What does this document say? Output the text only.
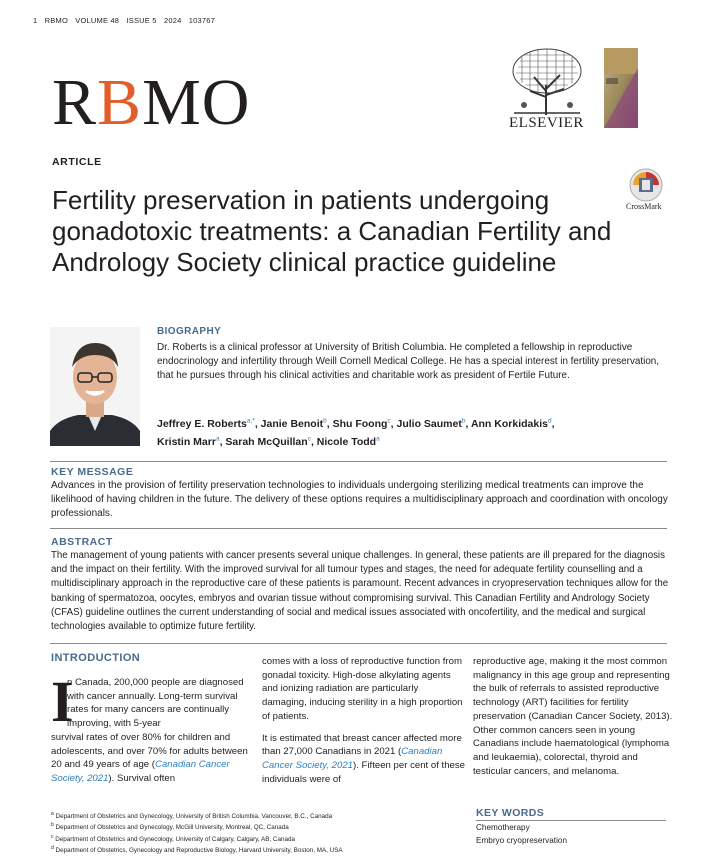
1 RBMO VOLUME 48 ISSUE 5 2024 103767
RBMO	ELSEVIER
ARTICLE
Fertility preservation in patients undergoing gonadotoxic treatments: a Canadian Fertility and Andrology Society clinical practice guideline
CrossMark
BIOGRAPHY
Dr. Roberts is a clinical professor at University of British Columbia. He completed a fellowship in reproductive endocrinology and infertility through Weill Cornell Medical College. He has a special interest in fertility preservation, that he pursues through his clinical activities and charitable work as president of Fertile Future.
Jeffrey E. Roberts$^{a,*}$, Janie Benoit$^b$, Shu Foong$^c$, Julio Saumet$^b$, Ann Korkidakis$^d$,
Kristin Marr$^a$, Sarah McQuillan$^c$, Nicole Todd$^a$
KEY MESSAGE
Advances in the provision of fertility preservation technologies to individuals undergoing sterilizing medical treatments can improve the likelihood of having children in the future. The delivery of these options requires a multidisciplinary approach and coordination with oncology professionals.
ABSTRACT
The management of young patients with cancer presents several unique challenges. In general, these patients are ill prepared for the diagnosis and the impact on their fertility. With the improved survival for all tumour types and stages, the need for adequate fertility counselling and a multidisciplinary approach in the reproductive care of these patients is paramount. Recent advances in cryopreservation techniques allow for the banking of spermatozoa, oocytes, embryos and ovarian tissue without compromising survival. This Canadian Fertility and Andrology Society (CFAS) guideline outlines the current understanding of social and medical issues associated with oncofertility, and the medical and surgical technologies available to optimize future fertility.
INTRODUCTION
I
n Canada, 200,000 people are diagnosed with cancer annually. Long-term survival rates for many cancers are continually improving, with 5-year
survival rates of over 80% for children and adolescents, and over 70% for adults between 20 and 49 years of age (Canadian Cancer Society, 2021). Survival often
comes with a loss of reproductive function from gonadal toxicity. High-dose alkylating agents and ionizing radiation are particularly damaging, inducing sterility in a high proportion of patients.
It is estimated that breast cancer affected more than 27,000 Canadians in 2021 (Canadian Cancer Society, 2021). Fifteen per cent of these individuals were of
reproductive age, making it the most common malignancy in this age group and representing the bulk of referrals to assisted reproductive technology (ART) facilities for fertility preservation (Canadian Cancer Society, 2013). Other common cancers seen in young Canadians include haematological (lymphoma and leukaemia), colorectal, thyroid and testicular cancers, and melanoma.
$^a$ Department of Obstetrics and Gynecology, University of British Columbia, Vancouver, B.C., Canada
$^b$ Department of Obstetrics and Gynecology, McGill University, Montreal, QC, Canada
$^c$ Department of Obstetrics and Gynecology, University of Calgary, Calgary, AB, Canada
$^d$ Department of Obstetrics, Gynecology and Reproductive Biology, Harvard University, Boston, MA, USA
KEY WORDS
Chemotherapy
Embryo cryopreservation
